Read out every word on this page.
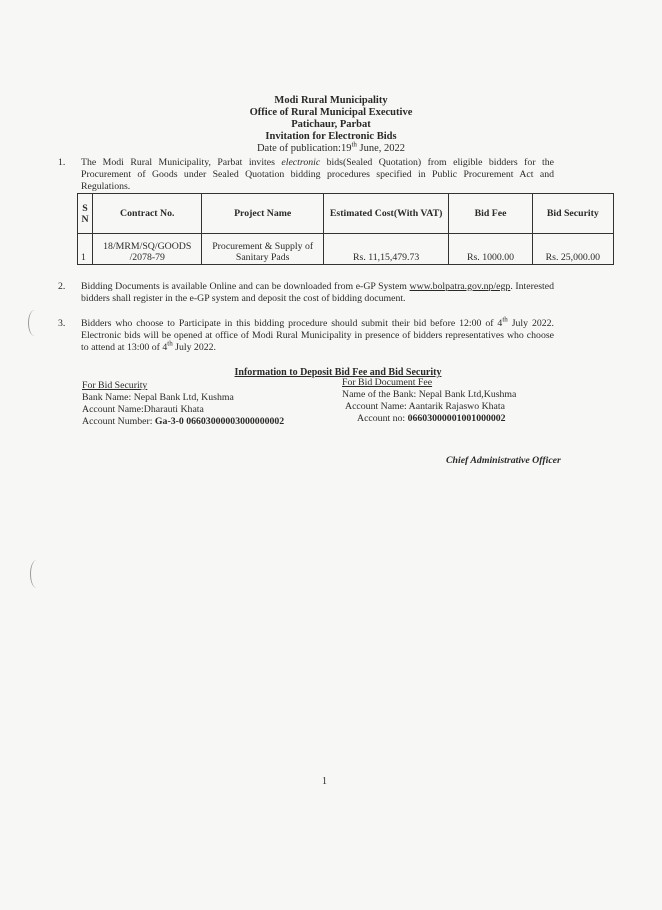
Modi Rural Municipality
Office of Rural Municipal Executive
Patichaur, Parbat
Invitation for Electronic Bids
Date of publication:19th June, 2022
1. The Modi Rural Municipality, Parbat invites electronic bids(Sealed Quotation) from eligible bidders for the Procurement of Goods under Sealed Quotation bidding procedures specified in Public Procurement Act and Regulations.
S N	Contract No.	Project Name	Estimated Cost(With VAT)	Bid Fee	Bid Security
1	18/MRM/SQ/GOODS /2078-79	Procurement & Supply of Sanitary Pads	Rs. 11,15,479.73	Rs. 1000.00	Rs. 25,000.00
2. Bidding Documents is available Online and can be downloaded from e-GP System www.bolpatra.gov.np/egp. Interested bidders shall register in the e-GP system and deposit the cost of bidding document.
3. Bidders who choose to Participate in this bidding procedure should submit their bid before 12:00 of 4th July 2022. Electronic bids will be opened at office of Modi Rural Municipality in presence of bidders representatives who choose to attend at 13:00 of 4th July 2022.
Information to Deposit Bid Fee and Bid Security
For Bid Security
Bank Name: Nepal Bank Ltd, Kushma
Account Name:Dharauti Khata
Account Number: Ga-3-0 06603000003000000002
For Bid Document Fee
Name of the Bank: Nepal Bank Ltd,Kushma
Account Name: Aantarik Rajaswo Khata
Account no: 06603000001001000002
Chief Administrative Officer
1
